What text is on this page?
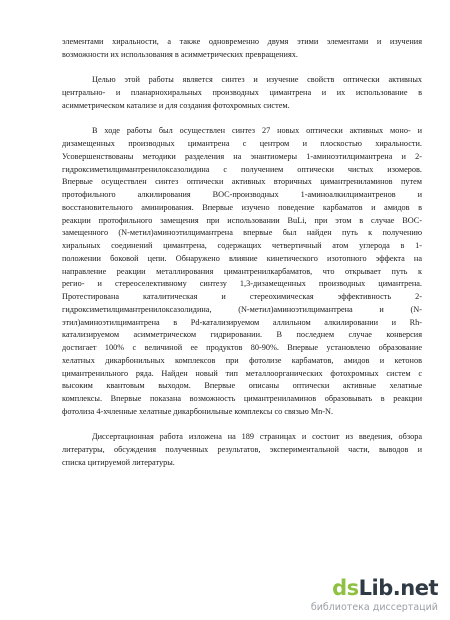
элементами хиральности, а также одновременно двумя этими элементами и изучения
возможности их использования в асимметрических превращениях.
Целью этой работы является синтез и изучение свойств оптически активных
центрально- и планарнохиральных производных цимантрена и их использование в
асимметрическом катализе и для создания фотохромных систем.
В ходе работы был осуществлен синтез 27 новых оптически активных моно- и
дизамещенных производных цимантрена с центром и плоскостью хиральности.
Усовершенствованы методики разделения на энантиомеры 1-аминоэтилцимантрена и 2-
гидроксиметилцимантренилоксазолидина с получением оптически чистых изомеров.
Впервые осуществлен синтез оптически активных вторичных цимантрениламинов путем
протофильного алкилирования BOC-производных 1-аминоалкилцимантренов и
восстановительного аминирования. Впервые изучено поведение карбаматов и амидов в
реакции протофильного замещения при использовании BuLi, при этом в случае BOC-
замещенного (N-метил)аминоэтилцимантрена впервые был найден путь к получению
хиральных соединений цимантрена, содержащих четвертичный атом углерода в 1-
положении боковой цепи. Обнаружено влияние кинетического изотопного эффекта на
направление реакции металлирования цимантренилкарбаматов, что открывает путь к
регио- и стереоселективному синтезу 1,3-дизамещенных производных цимантрена.
Протестирована каталитическая и стереохимическая эффективность 2-
гидроксиметилцимантренилоксазолидина, (N-метил)аминоэтилцимантрена и (N-
этил)аминоэтилцимантрена в Pd-катализируемом аллильном алкилировании и Rh-
катализируемом асимметрическом гидрировании. В последнем случае конверсия
достигает 100% с величиной ee продуктов 80-90%. Впервые установлено образование
хелатных дикарбонильных комплексов при фотолизе карбаматов, амидов и кетонов
цимантренильного ряда. Найден новый тип металлоорганических фотохромных систем с
высоким квантовым выходом. Впервые описаны оптически активные хелатные
комплексы. Впервые показана возможность цимантрениламинов образовывать в реакции
фотолиза 4-хчленные хелатные дикарбонильные комплексы со связью Mn-N.
Диссертационная работа изложена на 189 страницах и состоит из введения, обзора
литературы, обсуждения полученных результатов, экспериментальной части, выводов и
списка цитируемой литературы.
dsLib.net
библиотека диссертаций
